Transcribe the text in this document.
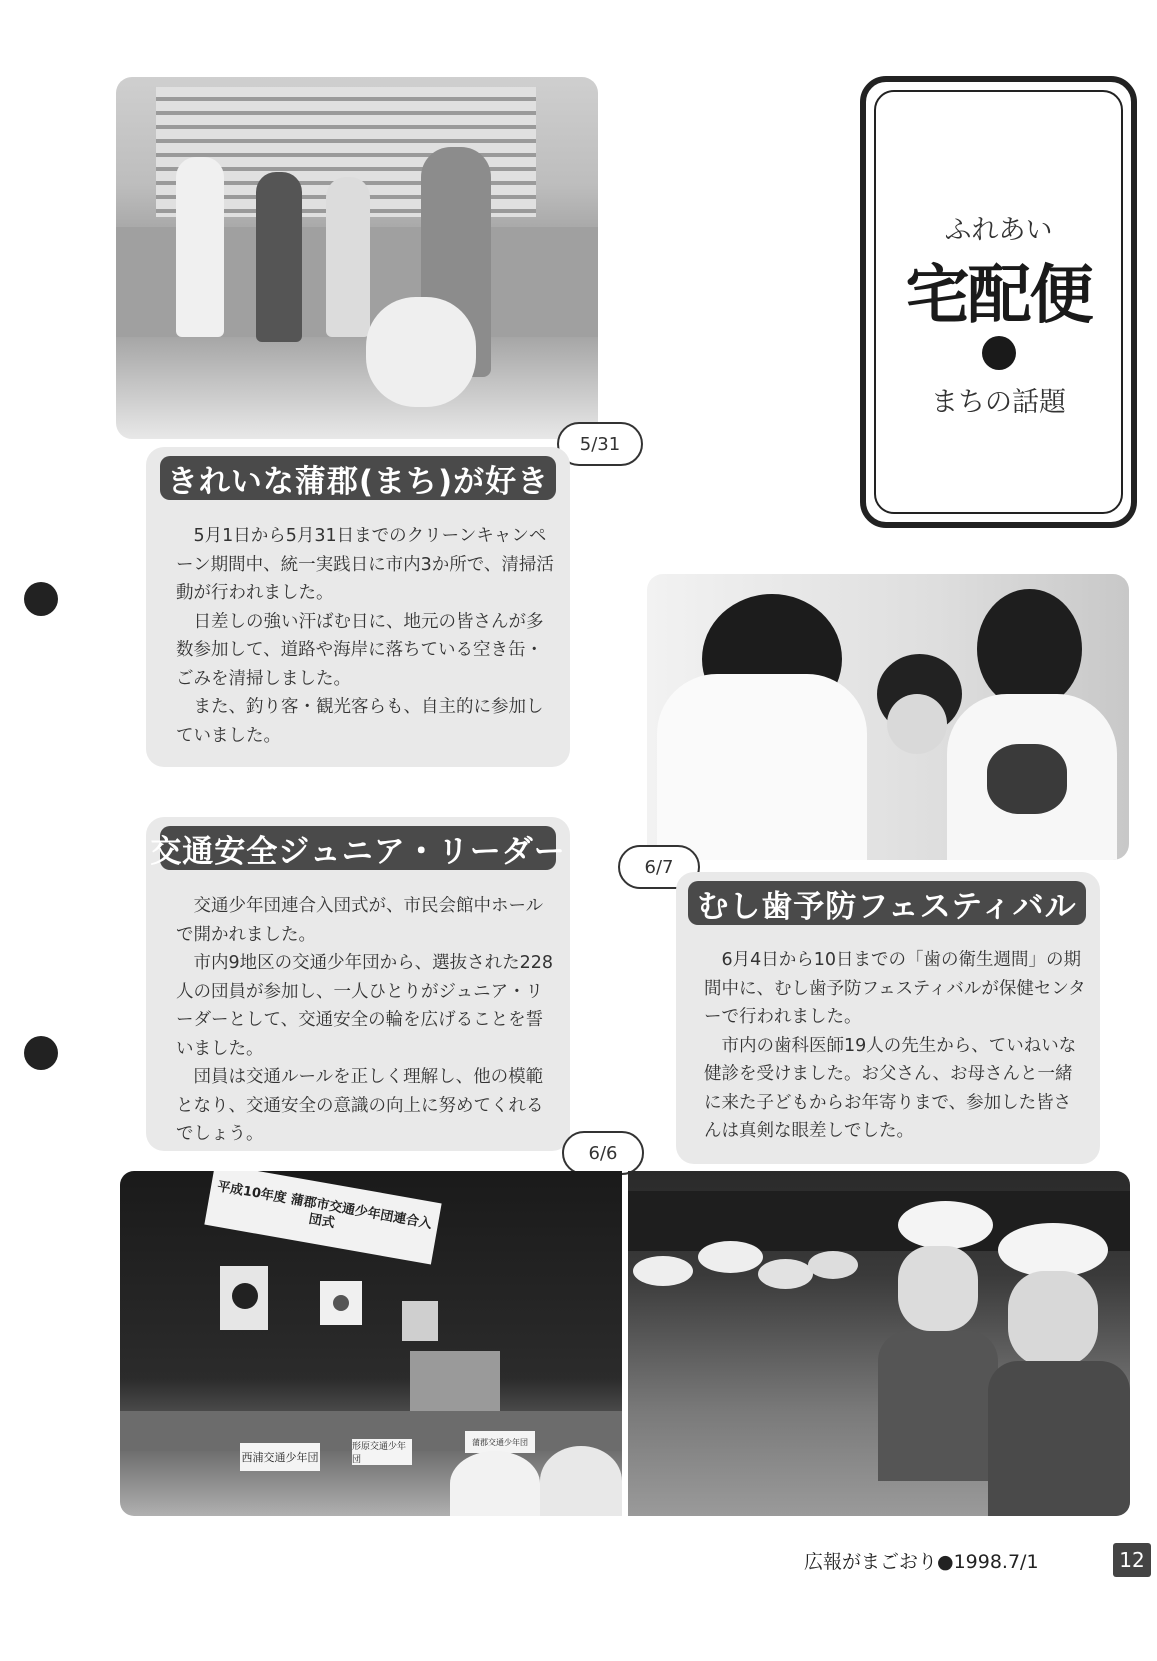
5/31
きれいな蒲郡(まち)が好き

5月1日から5月31日までのクリーンキャンペーン期間中、統一実践日に市内3か所で、清掃活動が行われました。

日差しの強い汗ばむ日に、地元の皆さんが多数参加して、道路や海岸に落ちている空き缶・ごみを清掃しました。

また、釣り客・観光客らも、自主的に参加していました。

ふれあい
宅配便
まちの話題
6/7
むし歯予防フェスティバル

6月4日から10日までの「歯の衛生週間」の期間中に、むし歯予防フェスティバルが保健センターで行われました。

市内の歯科医師19人の先生から、ていねいな健診を受けました。お父さん、お母さんと一緒に来た子どもからお年寄りまで、参加した皆さんは真剣な眼差しでした。

交通安全ジュニア・リーダー

交通少年団連合入団式が、市民会館中ホールで開かれました。

市内9地区の交通少年団から、選抜された228人の団員が参加し、一人ひとりがジュニア・リーダーとして、交通安全の輪を広げることを誓いました。

団員は交通ルールを正しく理解し、他の模範となり、交通安全の意識の向上に努めてくれるでしょう。

6/6
平成10年度 蒲郡市交通少年団連合入団式
西浦交通少年団
形原交通少年団
蒲郡交通少年団
広報がまごおり●1998.7/1	12
